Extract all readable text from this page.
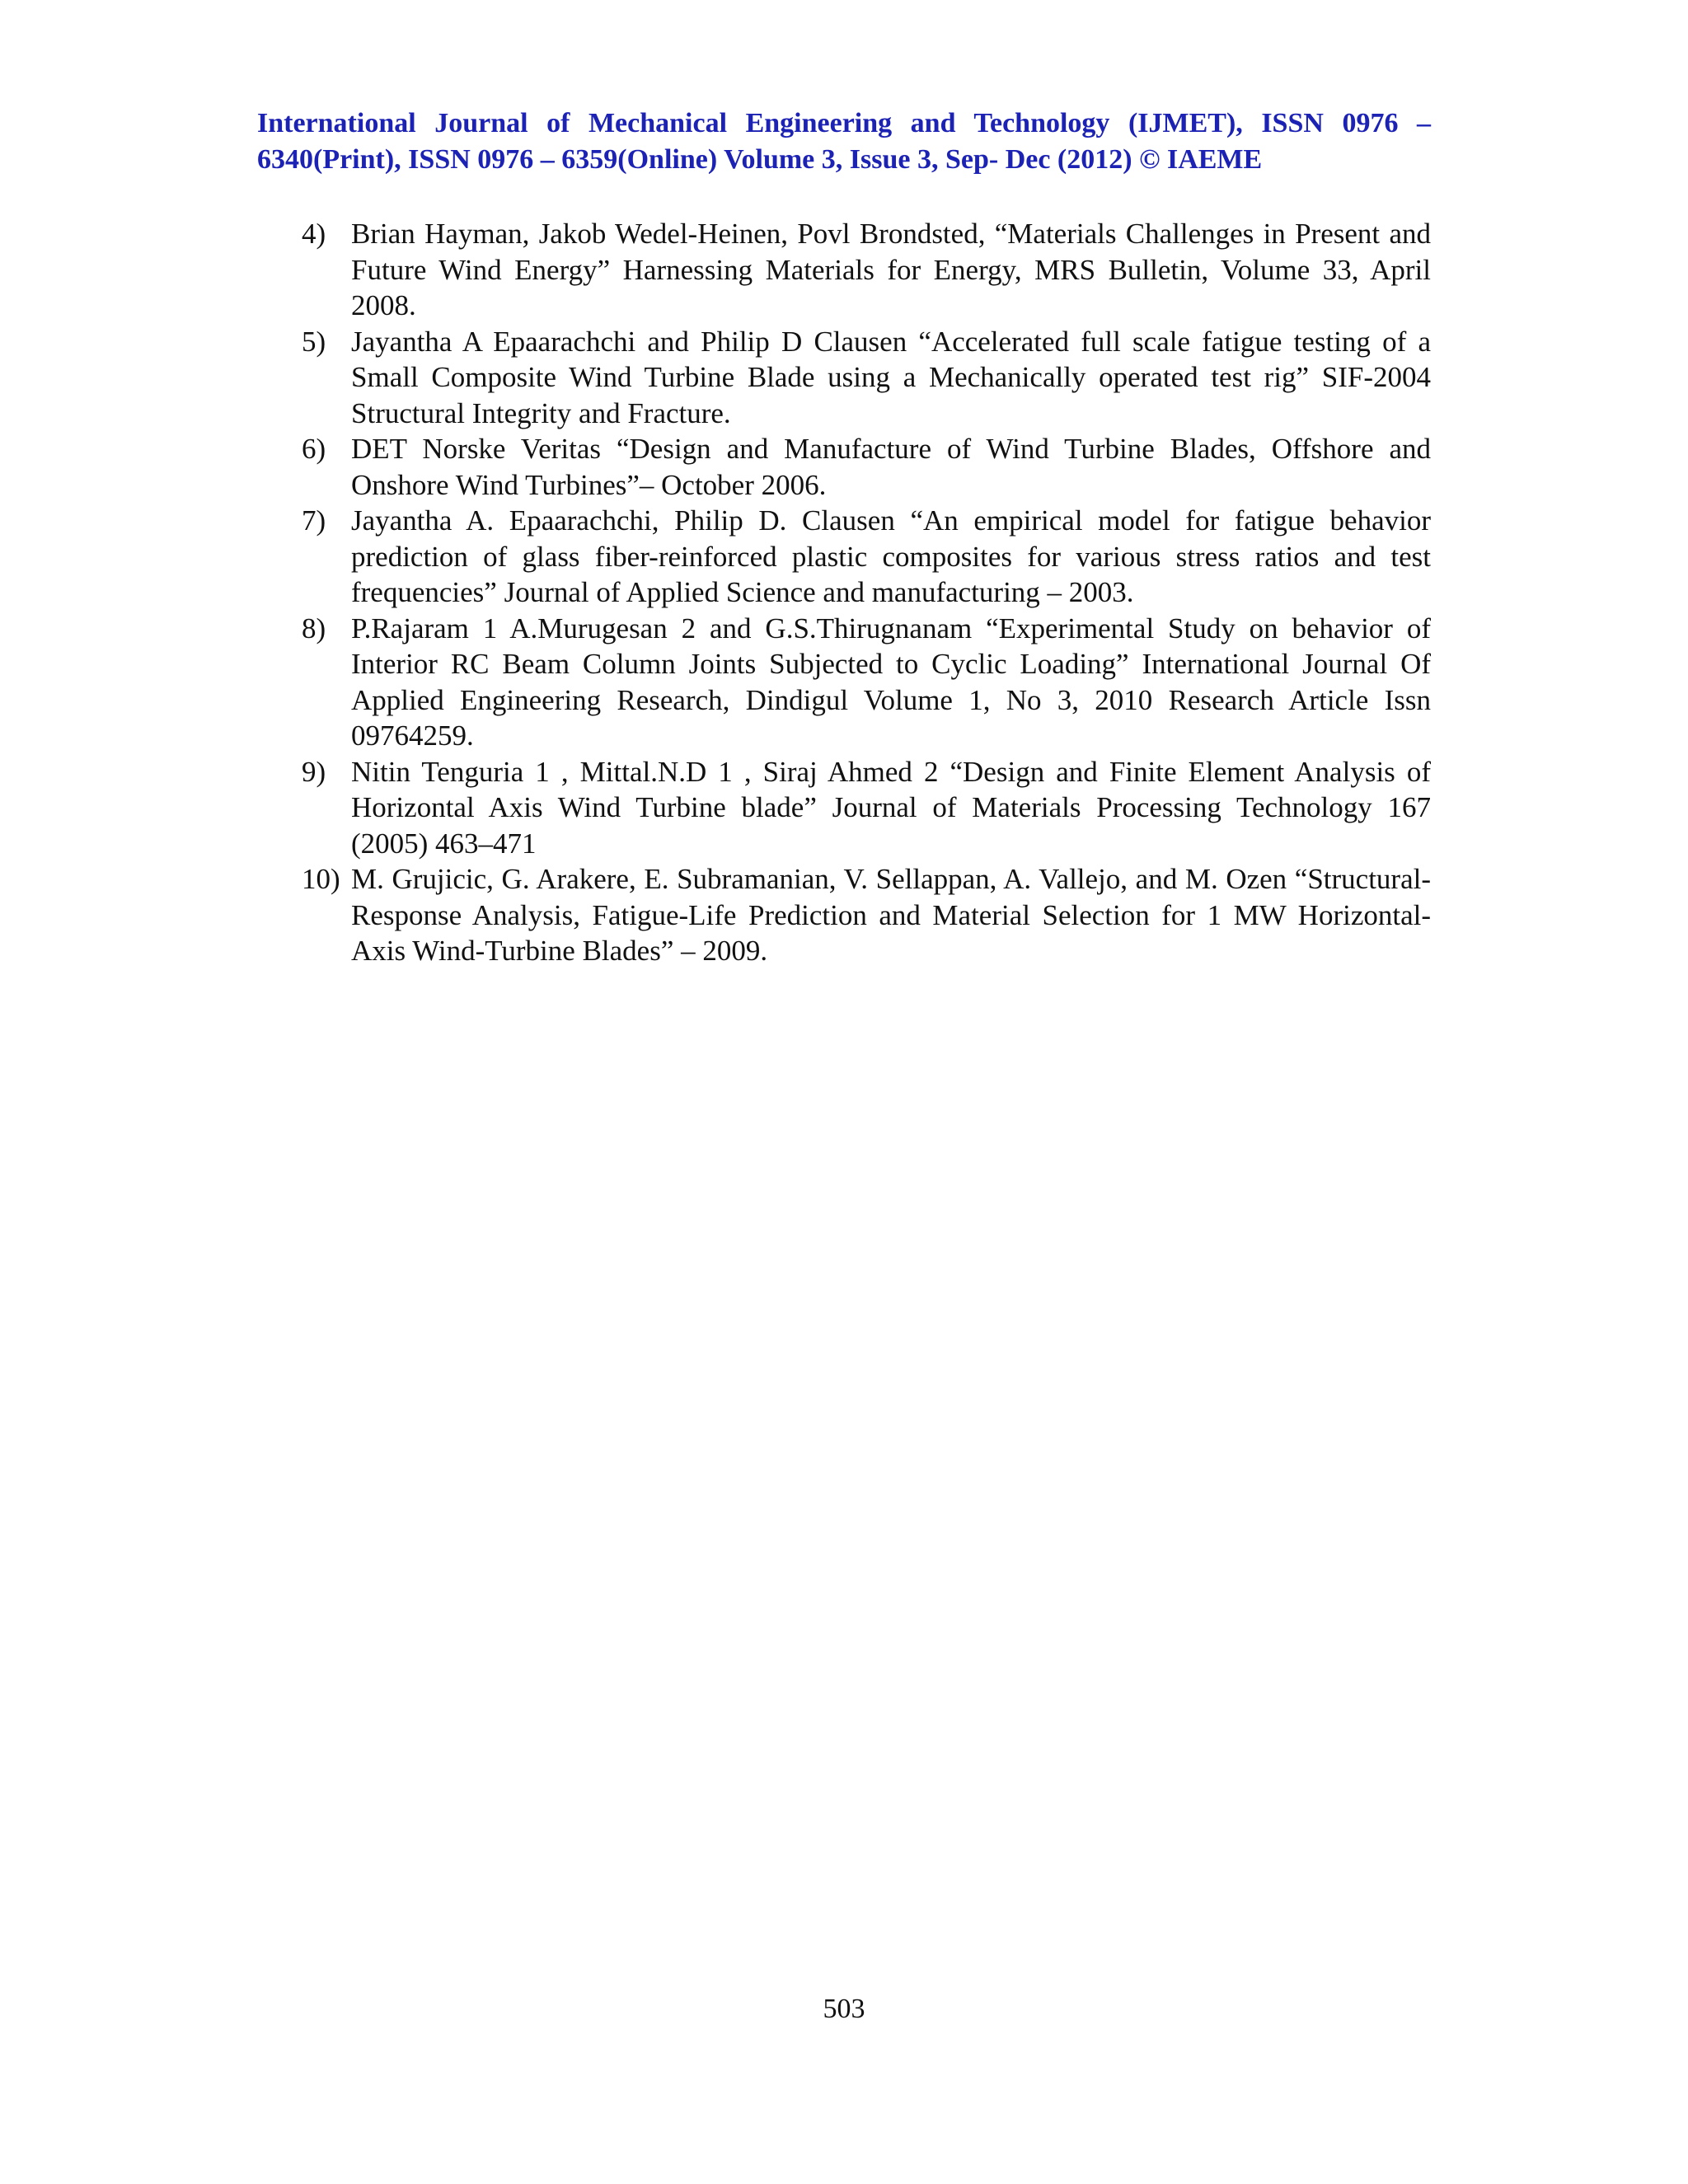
International Journal of Mechanical Engineering and Technology (IJMET), ISSN 0976 – 6340(Print), ISSN 0976 – 6359(Online) Volume 3, Issue 3, Sep- Dec (2012) © IAEME

4) Brian Hayman, Jakob Wedel-Heinen, Povl Brondsted, “Materials Challenges in Present and Future Wind Energy” Harnessing Materials for Energy, MRS Bulletin, Volume 33, April 2008.
5) Jayantha A Epaarachchi and Philip D Clausen “Accelerated full scale fatigue testing of a Small Composite Wind Turbine Blade using a Mechanically operated test rig” SIF-2004 Structural Integrity and Fracture.
6) DET Norske Veritas “Design and Manufacture of Wind Turbine Blades, Offshore and Onshore Wind Turbines”– October 2006.
7) Jayantha A. Epaarachchi, Philip D. Clausen “An empirical model for fatigue behavior prediction of glass fiber-reinforced plastic composites for various stress ratios and test frequencies” Journal of Applied Science and manufacturing – 2003.
8) P.Rajaram 1 A.Murugesan 2 and G.S.Thirugnanam “Experimental Study on behavior of Interior RC Beam Column Joints Subjected to Cyclic Loading” International Journal Of Applied Engineering Research, Dindigul Volume 1, No 3, 2010 Research Article Issn 09764259.
9) Nitin Tenguria 1 , Mittal.N.D 1 , Siraj Ahmed 2 “Design and Finite Element Analysis of Horizontal Axis Wind Turbine blade” Journal of Materials Processing Technology 167 (2005) 463–471
10) M. Grujicic, G. Arakere, E. Subramanian, V. Sellappan, A. Vallejo, and M. Ozen “Structural-Response Analysis, Fatigue-Life Prediction and Material Selection for 1 MW Horizontal-Axis Wind-Turbine Blades” – 2009.
503
